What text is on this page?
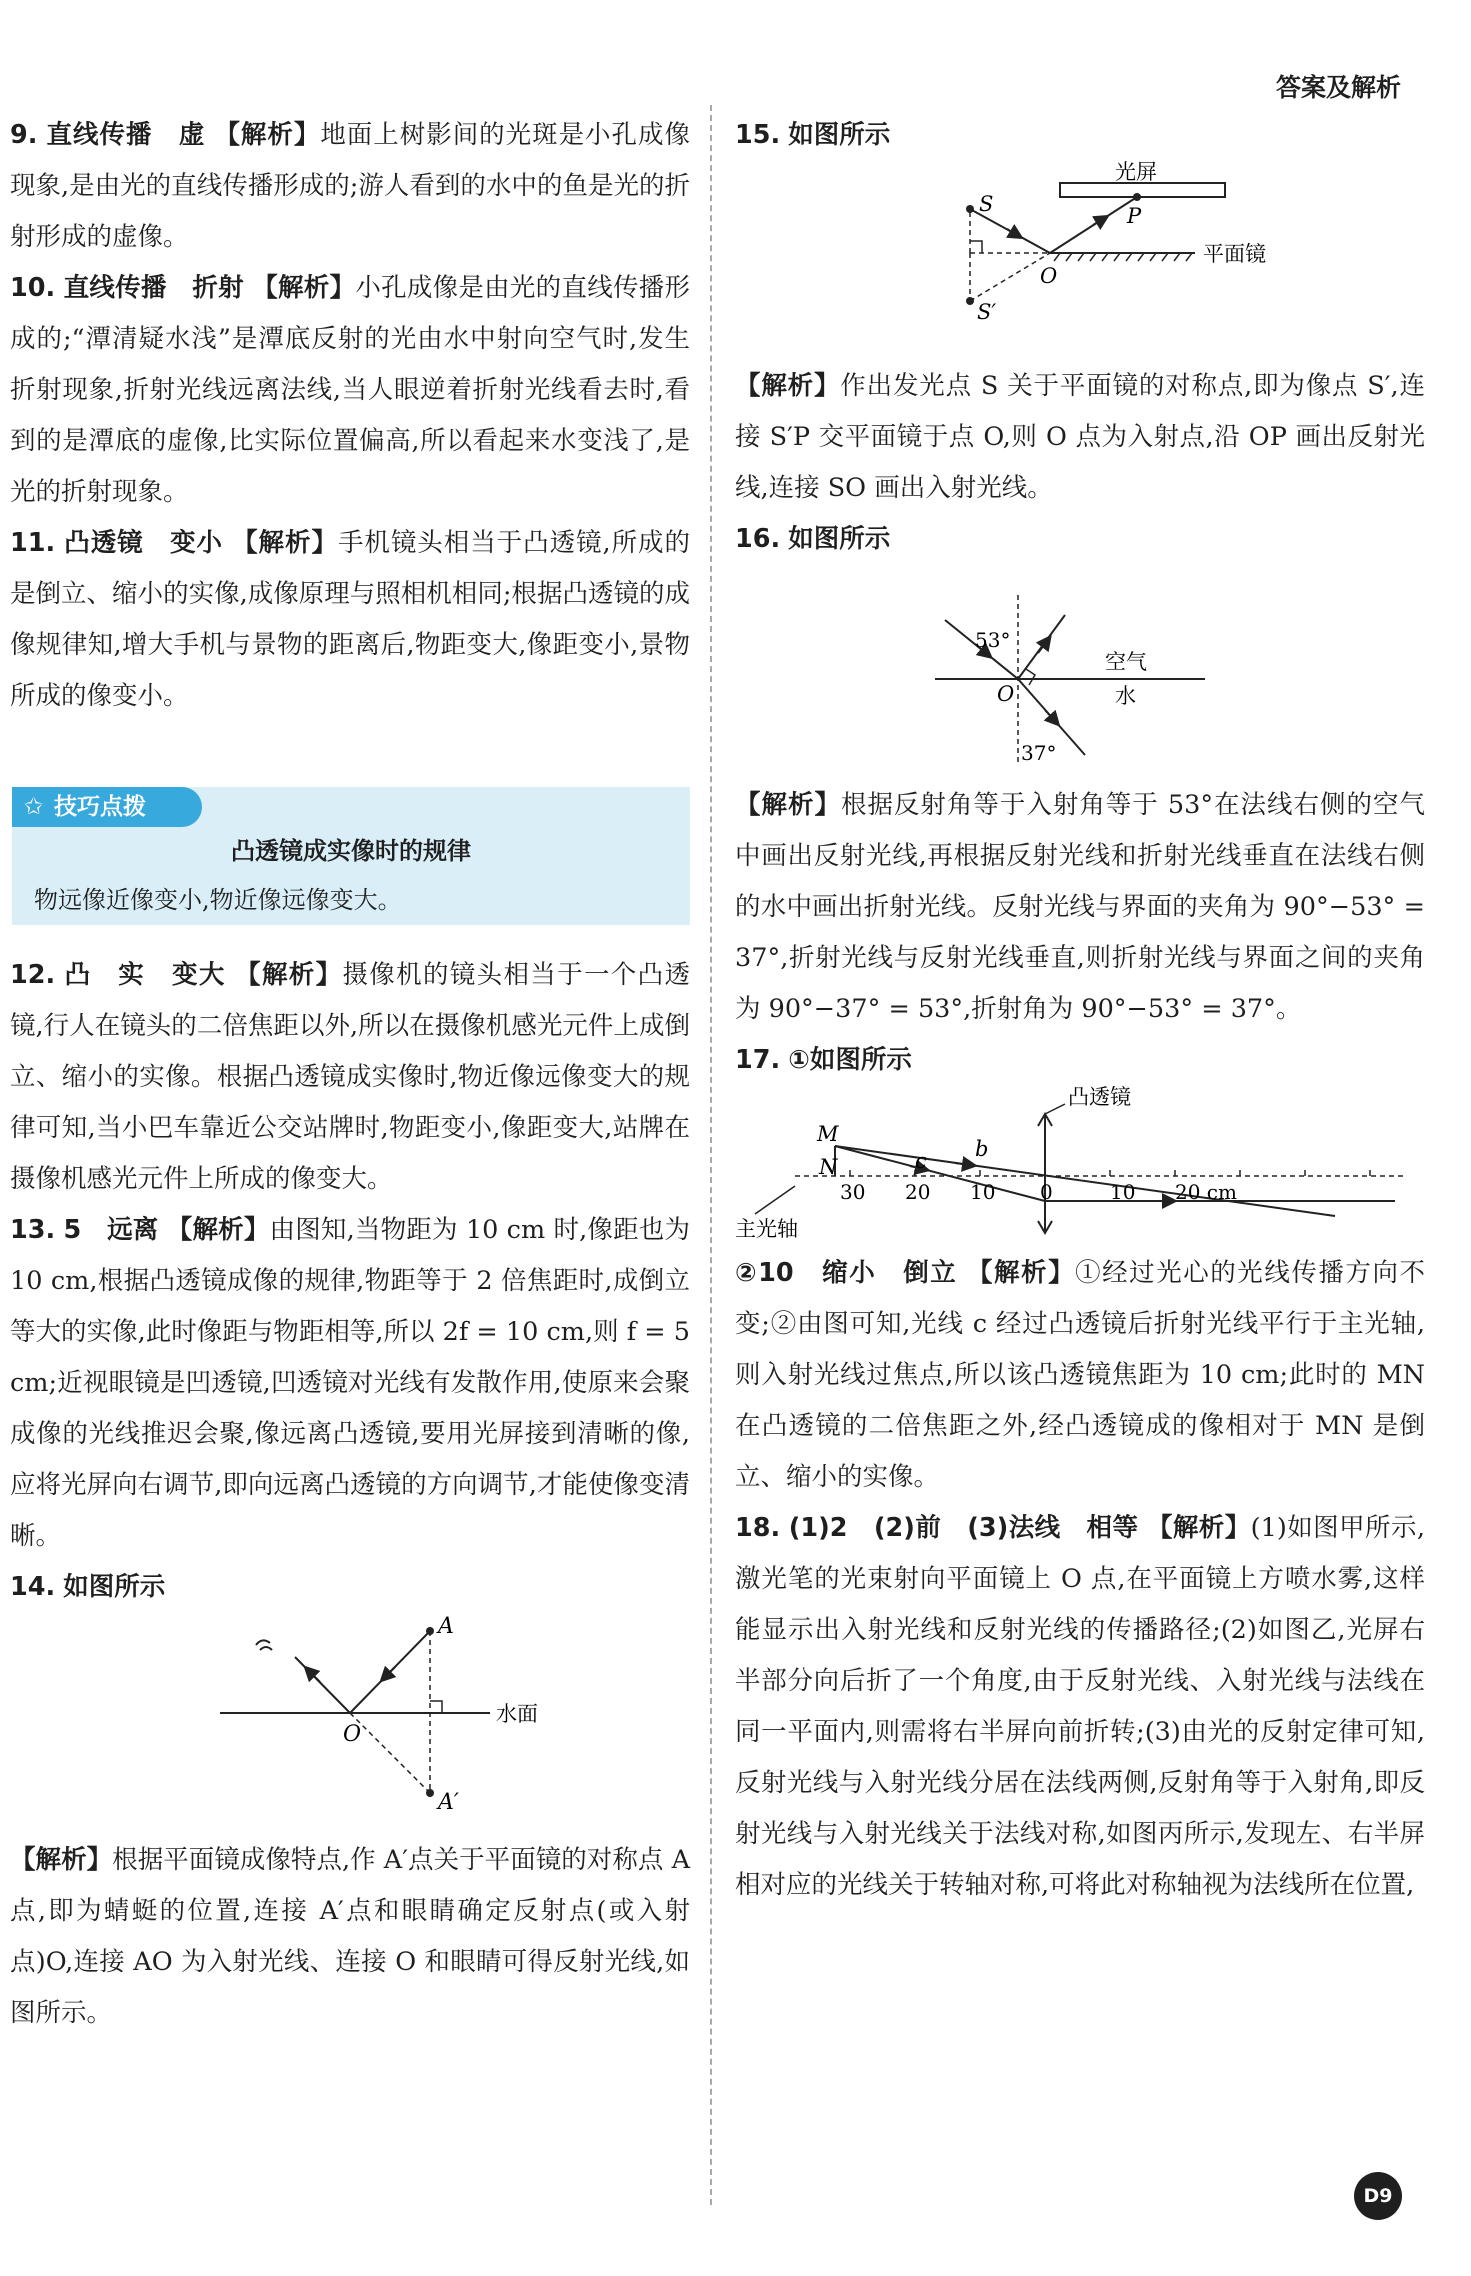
答案及解析

9. 直线传播　虚 【解析】地面上树影间的光斑是小孔成像现象,是由光的直线传播形成的;游人看到的水中的鱼是光的折射形成的虚像。

10. 直线传播　折射 【解析】小孔成像是由光的直线传播形成的;“潭清疑水浅”是潭底反射的光由水中射向空气时,发生折射现象,折射光线远离法线,当人眼逆着折射光线看去时,看到的是潭底的虚像,比实际位置偏高,所以看起来水变浅了,是光的折射现象。

11. 凸透镜　变小 【解析】手机镜头相当于凸透镜,所成的是倒立、缩小的实像,成像原理与照相机相同;根据凸透镜的成像规律知,增大手机与景物的距离后,物距变大,像距变小,景物所成的像变小。

✩ 技巧点拨
凸透镜成实像时的规律
物远像近像变小,物近像远像变大。

12. 凸　实　变大 【解析】摄像机的镜头相当于一个凸透镜,行人在镜头的二倍焦距以外,所以在摄像机感光元件上成倒立、缩小的实像。根据凸透镜成实像时,物近像远像变大的规律可知,当小巴车靠近公交站牌时,物距变小,像距变大,站牌在摄像机感光元件上所成的像变大。

13. 5　远离 【解析】由图知,当物距为 10 cm 时,像距也为 10 cm,根据凸透镜成像的规律,物距等于 2 倍焦距时,成倒立等大的实像,此时像距与物距相等,所以 2f = 10 cm,则 f = 5 cm;近视眼镜是凹透镜,凹透镜对光线有发散作用,使原来会聚成像的光线推迟会聚,像远离凸透镜,要用光屏接到清晰的像,应将光屏向右调节,即向远离凸透镜的方向调节,才能使像变清晰。

14. 如图所示

A
A′
O
水面

【解析】根据平面镜成像特点,作 A′点关于平面镜的对称点 A 点,即为蜻蜓的位置,连接 A′点和眼睛确定反射点(或入射点)O,连接 AO 为入射光线、连接 O 和眼睛可得反射光线,如图所示。

15. 如图所示

光屏
平面镜
S
S′
P
O

【解析】作出发光点 S 关于平面镜的对称点,即为像点 S′,连接 S′P 交平面镜于点 O,则 O 点为入射点,沿 OP 画出反射光线,连接 SO 画出入射光线。

16. 如图所示

53°
37°
空气
水
O

【解析】根据反射角等于入射角等于 53°在法线右侧的空气中画出反射光线,再根据反射光线和折射光线垂直在法线右侧的水中画出折射光线。反射光线与界面的夹角为 90°−53° = 37°,折射光线与反射光线垂直,则折射光线与界面之间的夹角为 90°−37° = 53°,折射角为 90°−53° = 37°。

17. ①如图所示

主光轴
凸透镜
M
N
b
c
30 20 10 0	10 20 cm

②10　缩小　倒立 【解析】①经过光心的光线传播方向不变;②由图可知,光线 c 经过凸透镜后折射光线平行于主光轴,则入射光线过焦点,所以该凸透镜焦距为 10 cm;此时的 MN 在凸透镜的二倍焦距之外,经凸透镜成的像相对于 MN 是倒立、缩小的实像。

18. (1)2　(2)前　(3)法线　相等 【解析】(1)如图甲所示,激光笔的光束射向平面镜上 O 点,在平面镜上方喷水雾,这样能显示出入射光线和反射光线的传播路径;(2)如图乙,光屏右半部分向后折了一个角度,由于反射光线、入射光线与法线在同一平面内,则需将右半屏向前折转;(3)由光的反射定律可知,反射光线与入射光线分居在法线两侧,反射角等于入射角,即反射光线与入射光线关于法线对称,如图丙所示,发现左、右半屏相对应的光线关于转轴对称,可将此对称轴视为法线所在位置,

D9
